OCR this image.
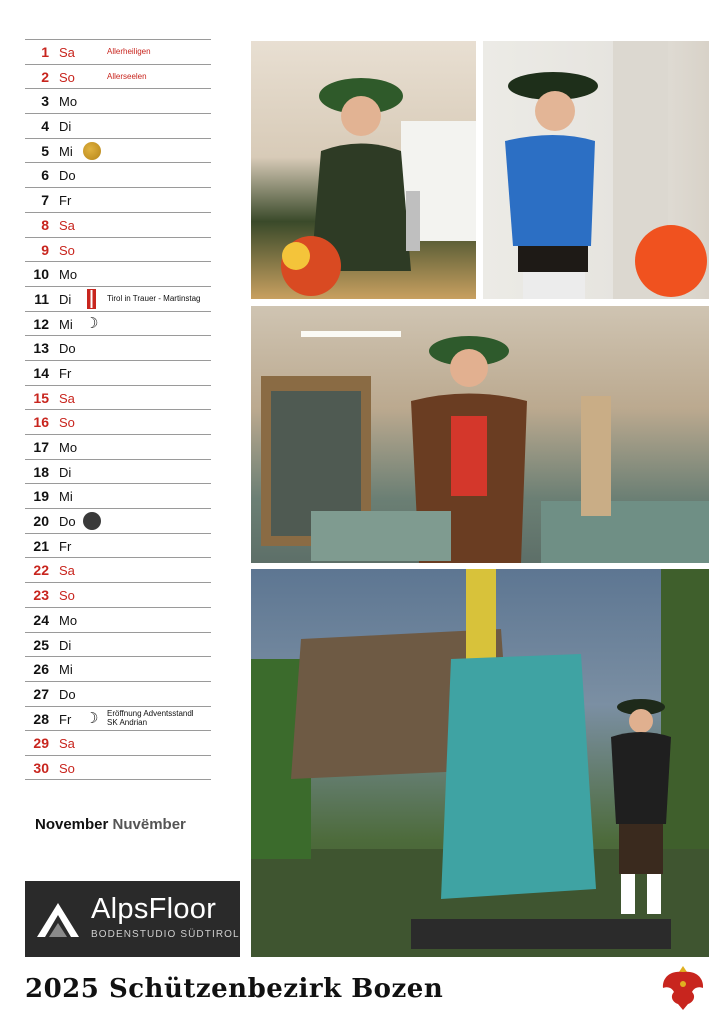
1 Sa	Allerheiligen
2 So	Allerseelen
3 Mo
4 Di
5 Mi
6 Do
7 Fr
8 Sa
9 So
10 Mo
11 Di	Tirol in Trauer - Martinstag
12 Mi ☽
13 Do
14 Fr
15 Sa
16 So
17 Mo
18 Di
19 Mi
20 Do
21 Fr
22 Sa
23 So
24 Mo
25 Di
26 Mi
27 Do
28 Fr ☽ Eröffnung Adventsstandl
SK Andrian
29 Sa
30 So
November Nuvëmber
AlpsFloor
BODENSTUDIO SÜDTIROL
2025 Schützenbezirk Bozen
